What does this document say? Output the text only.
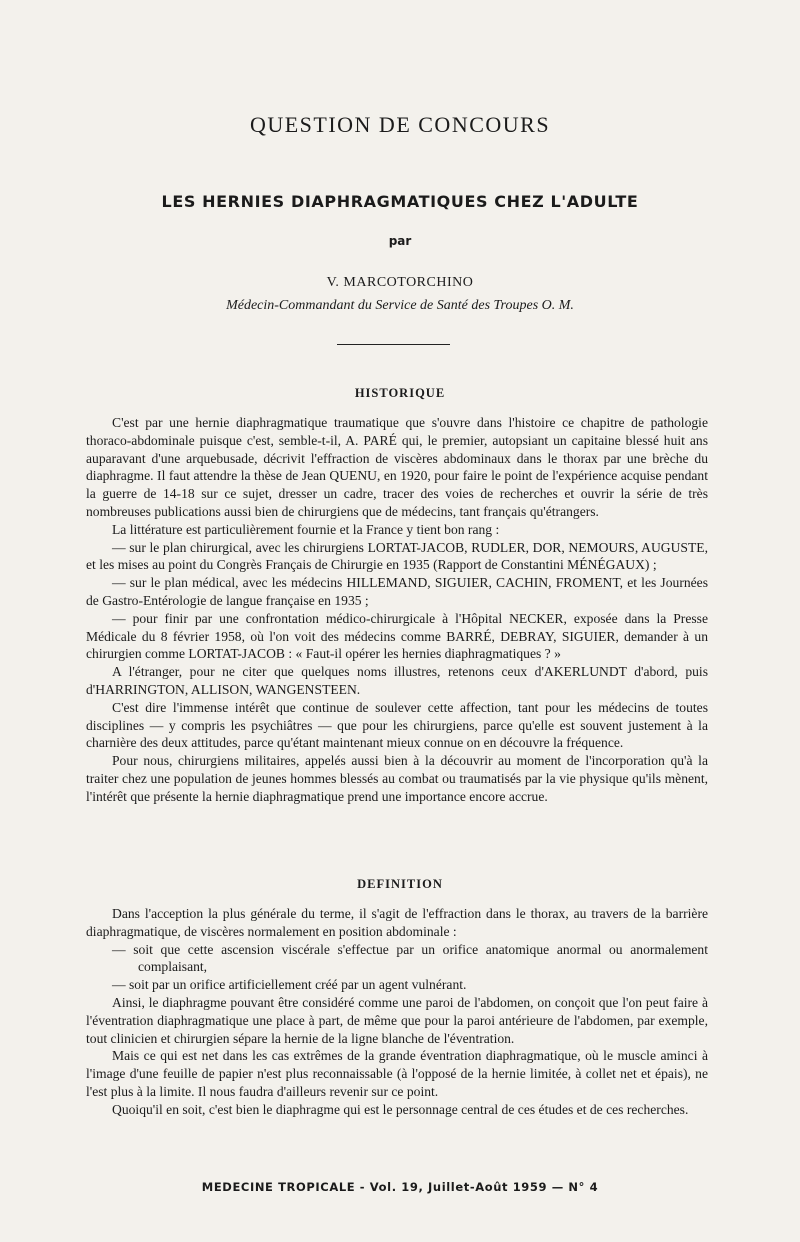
QUESTION DE CONCOURS
LES HERNIES DIAPHRAGMATIQUES CHEZ L'ADULTE
par
V. MARCOTORCHINO
Médecin-Commandant du Service de Santé des Troupes O. M.
HISTORIQUE

C'est par une hernie diaphragmatique traumatique que s'ouvre dans l'histoire ce chapitre de pathologie thoraco-abdominale puisque c'est, semble-t-il, A. PARÉ qui, le premier, autopsiant un capitaine blessé huit ans auparavant d'une arquebusade, décrivit l'effraction de viscères abdominaux dans le thorax par une brèche du diaphragme. Il faut attendre la thèse de Jean QUENU, en 1920, pour faire le point de l'expérience acquise pendant la guerre de 14-18 sur ce sujet, dresser un cadre, tracer des voies de recherches et ouvrir la série de très nombreuses publications aussi bien de chirurgiens que de médecins, tant français qu'étrangers.

La littérature est particulièrement fournie et la France y tient bon rang :

— sur le plan chirurgical, avec les chirurgiens LORTAT-JACOB, RUDLER, DOR, NEMOURS, AUGUSTE, et les mises au point du Congrès Français de Chirurgie en 1935 (Rapport de Constantini MÉNÉGAUX) ;

— sur le plan médical, avec les médecins HILLEMAND, SIGUIER, CACHIN, FROMENT, et les Journées de Gastro-Entérologie de langue française en 1935 ;

— pour finir par une confrontation médico-chirurgicale à l'Hôpital NECKER, exposée dans la Presse Médicale du 8 février 1958, où l'on voit des médecins comme BARRÉ, DEBRAY, SIGUIER, demander à un chirurgien comme LORTAT-JACOB : « Faut-il opérer les hernies diaphragmatiques ? »

A l'étranger, pour ne citer que quelques noms illustres, retenons ceux d'AKERLUNDT d'abord, puis d'HARRINGTON, ALLISON, WANGENSTEEN.

C'est dire l'immense intérêt que continue de soulever cette affection, tant pour les médecins de toutes disciplines — y compris les psychiâtres — que pour les chirurgiens, parce qu'elle est souvent justement à la charnière des deux attitudes, parce qu'étant maintenant mieux connue on en découvre la fréquence.

Pour nous, chirurgiens militaires, appelés aussi bien à la découvrir au moment de l'incorporation qu'à la traiter chez une population de jeunes hommes blessés au combat ou traumatisés par la vie physique qu'ils mènent, l'intérêt que présente la hernie diaphragmatique prend une importance encore accrue.

DEFINITION

Dans l'acception la plus générale du terme, il s'agit de l'effraction dans le thorax, au travers de la barrière diaphragmatique, de viscères normalement en position abdominale :

— soit que cette ascension viscérale s'effectue par un orifice anatomique anormal ou anormalement complaisant,

— soit par un orifice artificiellement créé par un agent vulnérant.

Ainsi, le diaphragme pouvant être considéré comme une paroi de l'abdomen, on conçoit que l'on peut faire à l'éventration diaphragmatique une place à part, de même que pour la paroi antérieure de l'abdomen, par exemple, tout clinicien et chirurgien sépare la hernie de la ligne blanche de l'éventration.

Mais ce qui est net dans les cas extrêmes de la grande éventration diaphragmatique, où le muscle aminci à l'image d'une feuille de papier n'est plus reconnaissable (à l'opposé de la hernie limitée, à collet net et épais), ne l'est plus à la limite. Il nous faudra d'ailleurs revenir sur ce point.

Quoiqu'il en soit, c'est bien le diaphragme qui est le personnage central de ces études et de ces recherches.

MEDECINE TROPICALE - Vol. 19, Juillet-Août 1959 — N° 4
